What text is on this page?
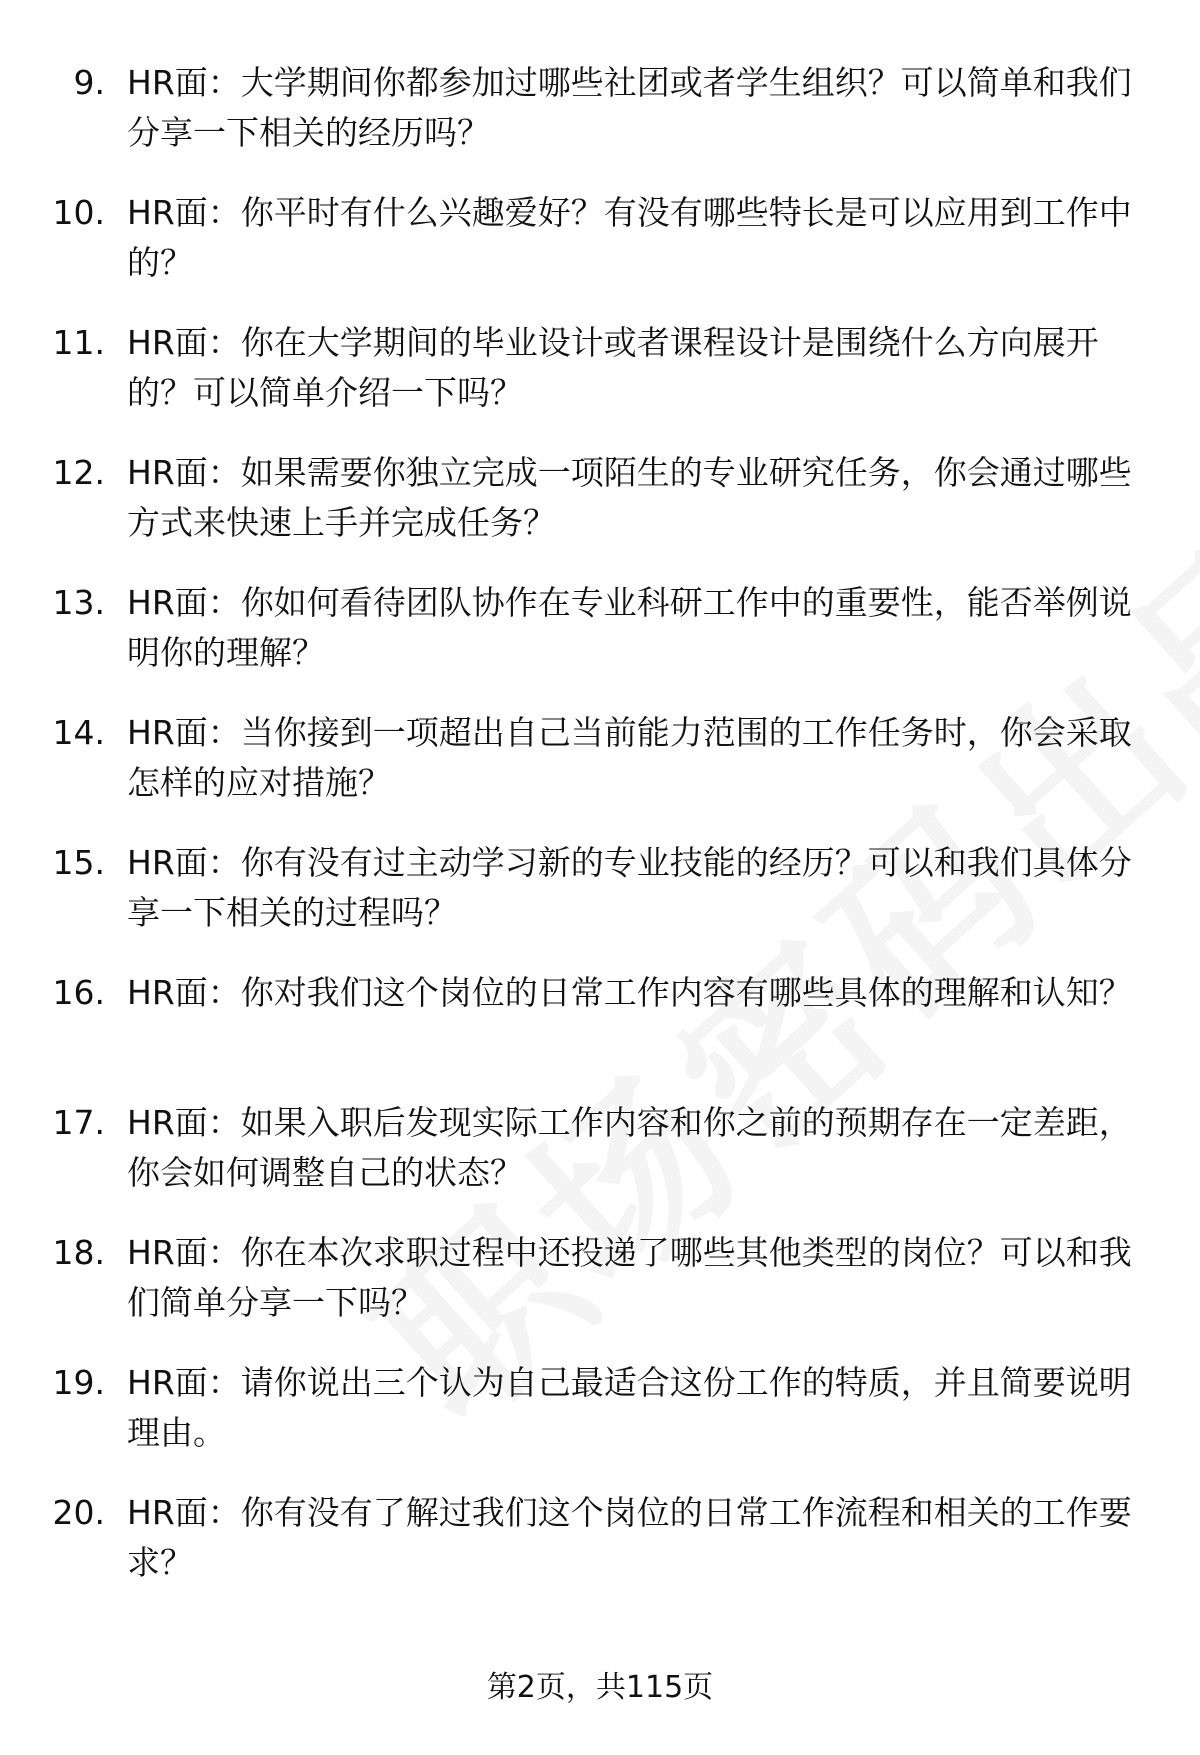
9. HR面：大学期间你都参加过哪些社团或者学生组织？可以简单和我们分享一下相关的经历吗？
10. HR面：你平时有什么兴趣爱好？有没有哪些特长是可以应用到工作中的？
11. HR面：你在大学期间的毕业设计或者课程设计是围绕什么方向展开的？可以简单介绍一下吗？
12. HR面：如果需要你独立完成一项陌生的专业研究任务，你会通过哪些方式来快速上手并完成任务？
13. HR面：你如何看待团队协作在专业科研工作中的重要性，能否举例说明你的理解？
14. HR面：当你接到一项超出自己当前能力范围的工作任务时，你会采取怎样的应对措施？
15. HR面：你有没有过主动学习新的专业技能的经历？可以和我们具体分享一下相关的过程吗？
16. HR面：你对我们这个岗位的日常工作内容有哪些具体的理解和认知？
17. HR面：如果入职后发现实际工作内容和你之前的预期存在一定差距，你会如何调整自己的状态？
18. HR面：你在本次求职过程中还投递了哪些其他类型的岗位？可以和我们简单分享一下吗？
19. HR面：请你说出三个认为自己最适合这份工作的特质，并且简要说明理由。
20. HR面：你有没有了解过我们这个岗位的日常工作流程和相关的工作要求？
第2页，共115页
